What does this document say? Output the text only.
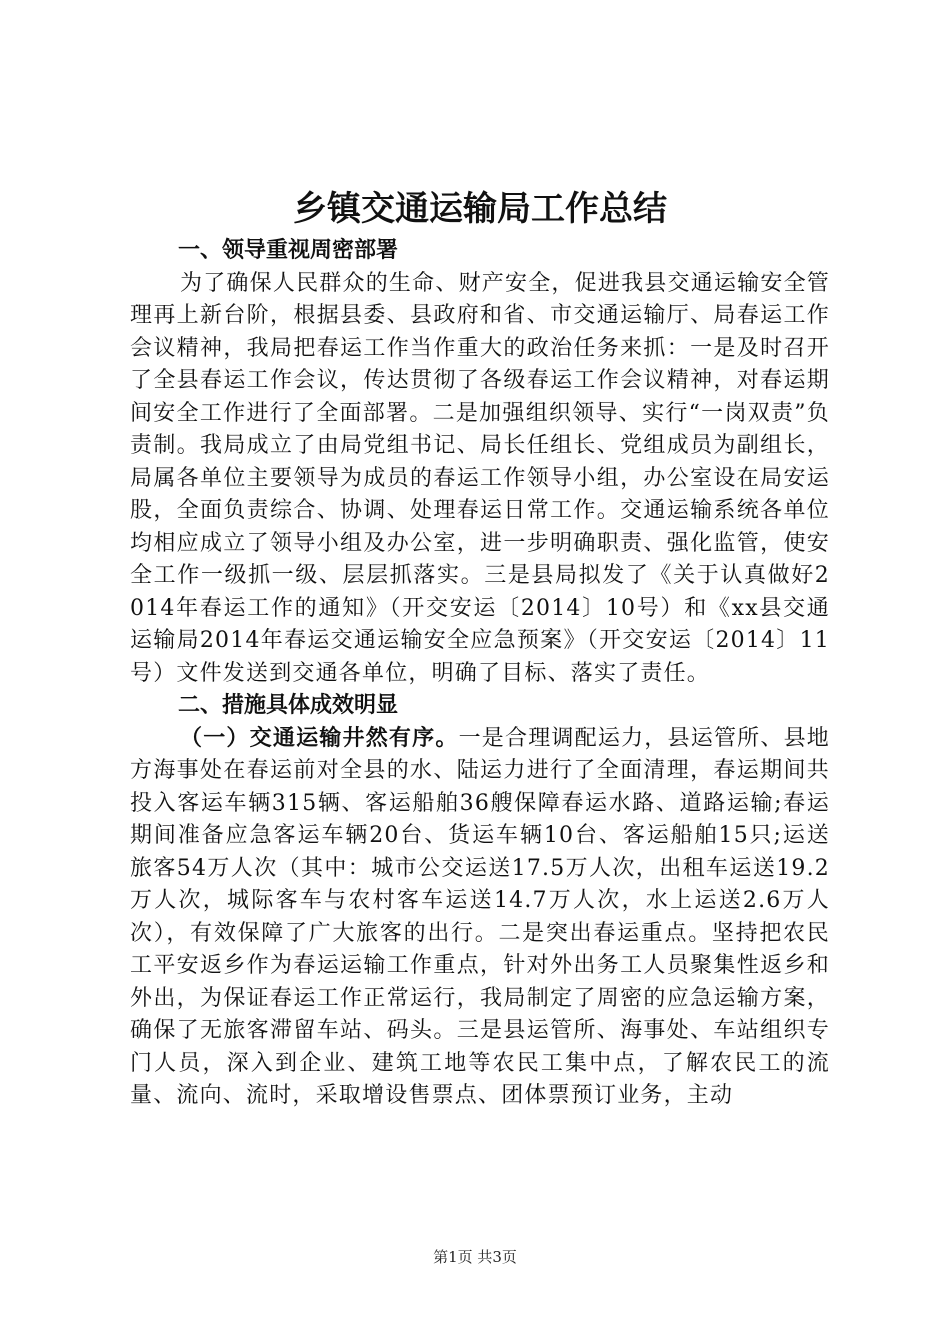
乡镇交通运输局工作总结
一、领导重视周密部署

为了确保人民群众的生命、财产安全，促进我县交通运输安全管理再上新台阶，根据县委、县政府和省、市交通运输厅、局春运工作会议精神，我局把春运工作当作重大的政治任务来抓：一是及时召开了全县春运工作会议，传达贯彻了各级春运工作会议精神，对春运期间安全工作进行了全面部署。二是加强组织领导、实行“一岗双责”负责制。我局成立了由局党组书记、局长任组长、党组成员为副组长，局属各单位主要领导为成员的春运工作领导小组，办公室设在局安运股，全面负责综合、协调、处理春运日常工作。交通运输系统各单位均相应成立了领导小组及办公室，进一步明确职责、强化监管，使安全工作一级抓一级、层层抓落实。三是县局拟发了《关于认真做好2014年春运工作的通知》（开交安运〔2014〕10号）和《xx县交通运输局2014年春运交通运输安全应急预案》（开交安运〔2014〕11号）文件发送到交通各单位，明确了目标、落实了责任。

二、措施具体成效明显

（一）交通运输井然有序。一是合理调配运力，县运管所、县地方海事处在春运前对全县的水、陆运力进行了全面清理，春运期间共投入客运车辆315辆、客运船舶36艘保障春运水路、道路运输;春运期间准备应急客运车辆20台、货运车辆10台、客运船舶15只;运送旅客54万人次（其中：城市公交运送17.5万人次，出租车运送19.2万人次，城际客车与农村客车运送14.7万人次，水上运送2.6万人次），有效保障了广大旅客的出行。二是突出春运重点。坚持把农民工平安返乡作为春运运输工作重点，针对外出务工人员聚集性返乡和外出，为保证春运工作正常运行，我局制定了周密的应急运输方案，确保了无旅客滞留车站、码头。三是县运管所、海事处、车站组织专门人员，深入到企业、建筑工地等农民工集中点，了解农民工的流量、流向、流时，采取增设售票点、团体票预订业务，主动

第1页 共3页
